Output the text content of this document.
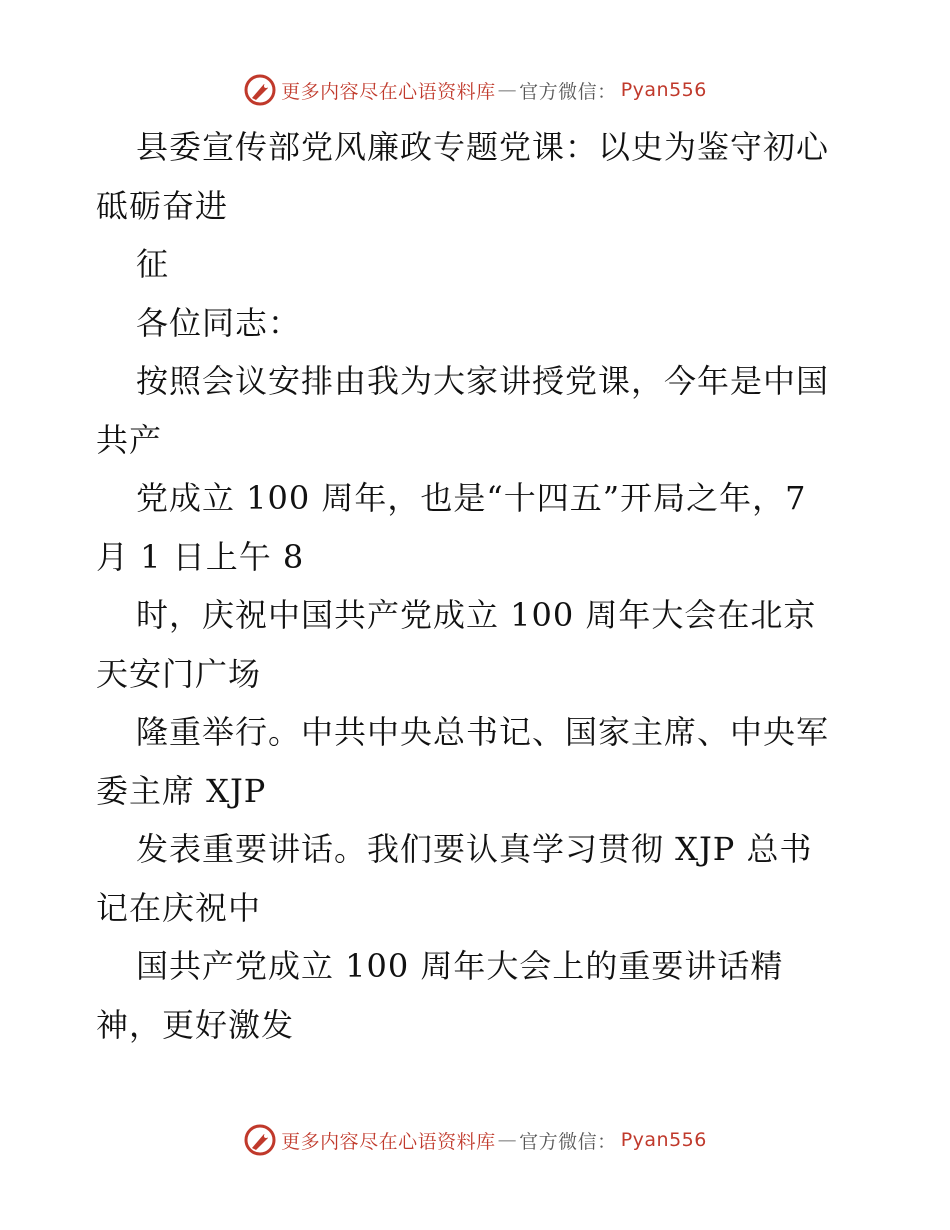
更多内容尽在心语资料库 — 官方微信： Pyan556
县委宣传部党风廉政专题党课：以史为鉴守初心
砥砺奋进
征
各位同志：
按照会议安排由我为大家讲授党课，今年是中国
共产
党成立 100 周年，也是“十四五”开局之年，7
月 1 日上午 8
时，庆祝中国共产党成立 100 周年大会在北京
天安门广场
隆重举行。中共中央总书记、国家主席、中央军
委主席 XJP
发表重要讲话。我们要认真学习贯彻 XJP 总书
记在庆祝中
国共产党成立 100 周年大会上的重要讲话精
神，更好激发
更多内容尽在心语资料库 — 官方微信： Pyan556
